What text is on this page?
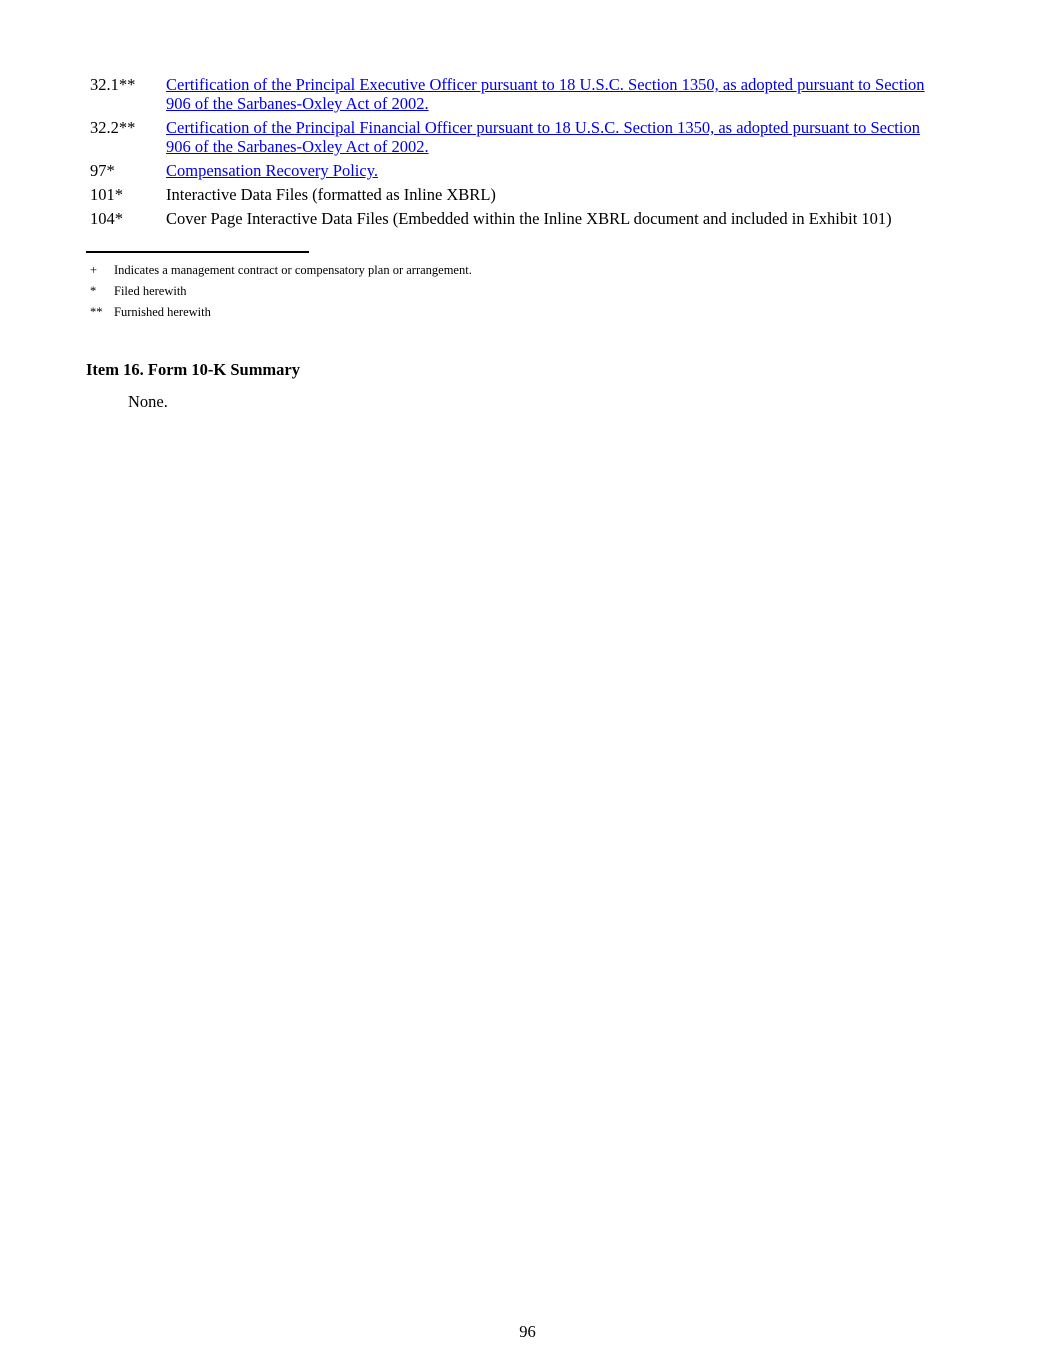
32.1**	Certification of the Principal Executive Officer pursuant to 18 U.S.C. Section 1350, as adopted pursuant to Section
906 of the Sarbanes-Oxley Act of 2002.
32.2**	Certification of the Principal Financial Officer pursuant to 18 U.S.C. Section 1350, as adopted pursuant to Section
906 of the Sarbanes-Oxley Act of 2002.
97*	Compensation Recovery Policy.
101*	Interactive Data Files (formatted as Inline XBRL)
104*	Cover Page Interactive Data Files (Embedded within the Inline XBRL document and included in Exhibit 101)
+	Indicates a management contract or compensatory plan or arrangement.
*	Filed herewith
** Furnished herewith
Item 16. Form 10-K Summary

None.

96
